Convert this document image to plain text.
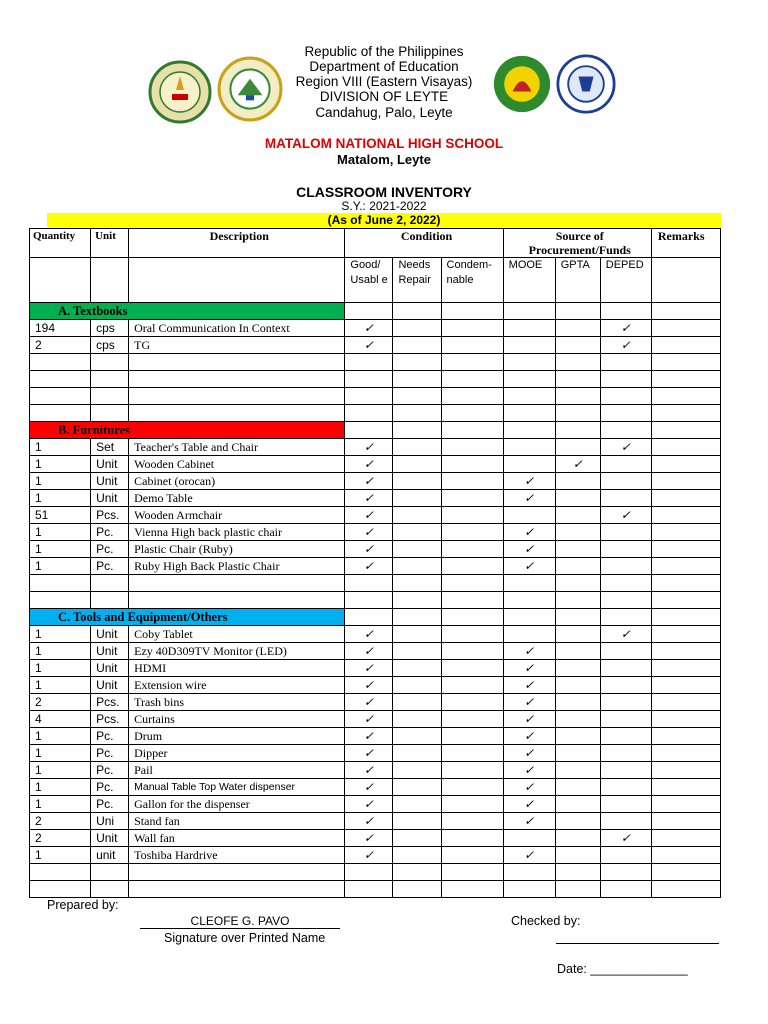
Republic of the Philippines
Department of Education
Region VIII (Eastern Visayas)
DIVISION OF LEYTE
Candahug, Palo, Leyte
MATALOM NATIONAL HIGH SCHOOL
Matalom, Leyte
CLASSROOM INVENTORY
S.Y.: 2021-2022
(As of June 2, 2022)
Quantity	Unit	Description	Condition			Source of Procurement/Funds			Remarks
			Good/ Usabl e	Needs Repair	Condem- nable	MOOE	GPTA	DEPED	
A. Textbooks									
194	cps	Oral Communication In Context	✓					✓	
2	cps	TG	✓					✓	

B. Furnitures									
1	Set	Teacher's Table and Chair	✓					✓	
1	Unit	Wooden Cabinet	✓				✓		
1	Unit	Cabinet (orocan)	✓			✓			
1	Unit	Demo Table	✓			✓			
51	Pcs.	Wooden Armchair	✓					✓	
1	Pc.	Vienna High back plastic chair	✓			✓			
1	Pc.	Plastic Chair (Ruby)	✓			✓			
1	Pc.	Ruby High Back Plastic Chair	✓			✓			

C. Tools and Equipment/Others									
1	Unit	Coby Tablet	✓					✓	
1	Unit	Ezy 40D309TV Monitor (LED)	✓			✓			
1	Unit	HDMI	✓			✓			
1	Unit	Extension wire	✓			✓			
2	Pcs.	Trash bins	✓			✓			
4	Pcs.	Curtains	✓			✓			
1	Pc.	Drum	✓			✓			
1	Pc.	Dipper	✓			✓			
1	Pc.	Pail	✓			✓			
1	Pc.	Manual Table Top Water dispenser	✓			✓			
1	Pc.	Gallon for the dispenser	✓			✓			
2	Uni	Stand fan	✓			✓			
2	Unit	Wall fan	✓					✓	
1	unit	Toshiba Hardrive	✓			✓			

Prepared by:
CLEOFE G. PAVO
Signature over Printed Name
Checked by:
Date: ______________
